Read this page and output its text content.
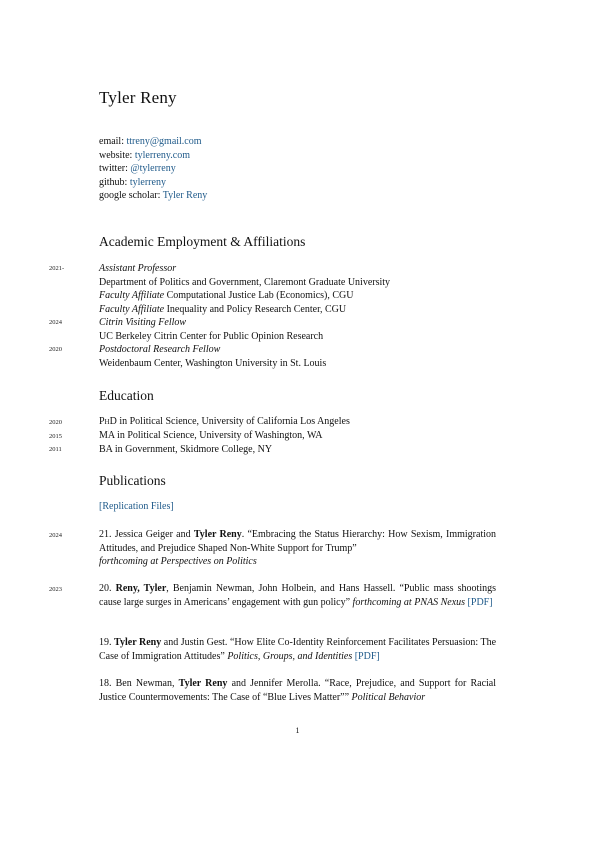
Tyler Reny
email: ttreny@gmail.com
website: tylerreny.com
twitter: @tylerreny
github: tylerreny
google scholar: Tyler Reny
Academic Employment & Affiliations
2021-	Assistant Professor
Department of Politics and Government, Claremont Graduate University
Faculty Affiliate Computational Justice Lab (Economics), CGU
Faculty Affiliate Inequality and Policy Research Center, CGU
2024	Citrin Visiting Fellow
UC Berkeley Citrin Center for Public Opinion Research
2020	Postdoctoral Research Fellow
Weidenbaum Center, Washington University in St. Louis
Education
2020	PhD in Political Science, University of California Los Angeles
2015	MA in Political Science, University of Washington, WA
2011	BA in Government, Skidmore College, NY
Publications
[Replication Files]
2024	21. Jessica Geiger and Tyler Reny. “Embracing the Status Hierarchy: How Sexism, Immigration Attitudes, and Prejudice Shaped Non-White Support for Trump”
forthcoming at Perspectives on Politics
2023	20. Reny, Tyler, Benjamin Newman, John Holbein, and Hans Hassell. “Public mass shootings cause large surges in Americans’ engagement with gun policy” forthcoming at PNAS Nexus [PDF]
19. Tyler Reny and Justin Gest. “How Elite Co-Identity Reinforcement Facilitates Persuasion: The Case of Immigration Attitudes” Politics, Groups, and Identities [PDF]
18. Ben Newman, Tyler Reny and Jennifer Merolla. “Race, Prejudice, and Support for Racial Justice Countermovements: The Case of “Blue Lives Matter”” Political Behavior
1
